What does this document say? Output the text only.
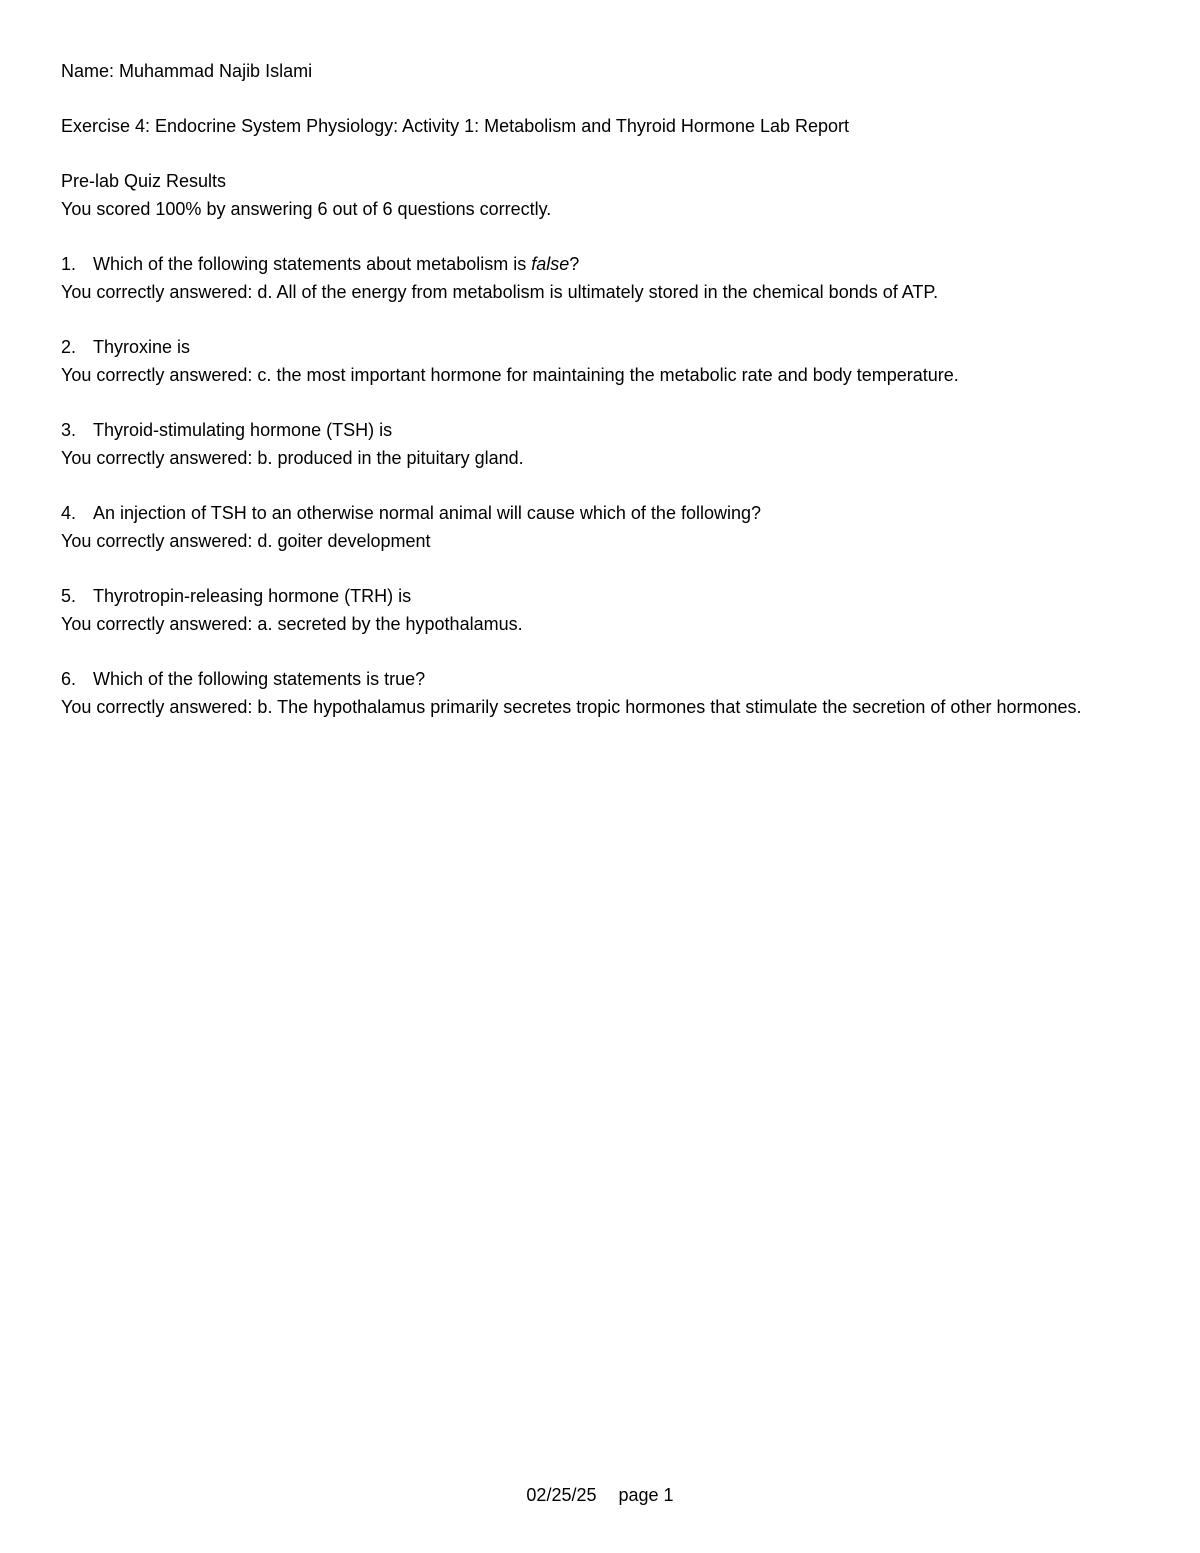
Name: Muhammad Najib Islami
Exercise 4: Endocrine System Physiology: Activity 1: Metabolism and Thyroid Hormone Lab Report
Pre-lab Quiz Results
You scored 100% by answering 6 out of 6 questions correctly.
1. Which of the following statements about metabolism is false?
You correctly answered: d. All of the energy from metabolism is ultimately stored in the chemical bonds of ATP.
2. Thyroxine is
You correctly answered: c. the most important hormone for maintaining the metabolic rate and body temperature.
3. Thyroid-stimulating hormone (TSH) is
You correctly answered: b. produced in the pituitary gland.
4. An injection of TSH to an otherwise normal animal will cause which of the following?
You correctly answered: d. goiter development
5. Thyrotropin-releasing hormone (TRH) is
You correctly answered: a. secreted by the hypothalamus.
6. Which of the following statements is true?
You correctly answered: b. The hypothalamus primarily secretes tropic hormones that stimulate the secretion of other hormones.
02/25/25 page 1
